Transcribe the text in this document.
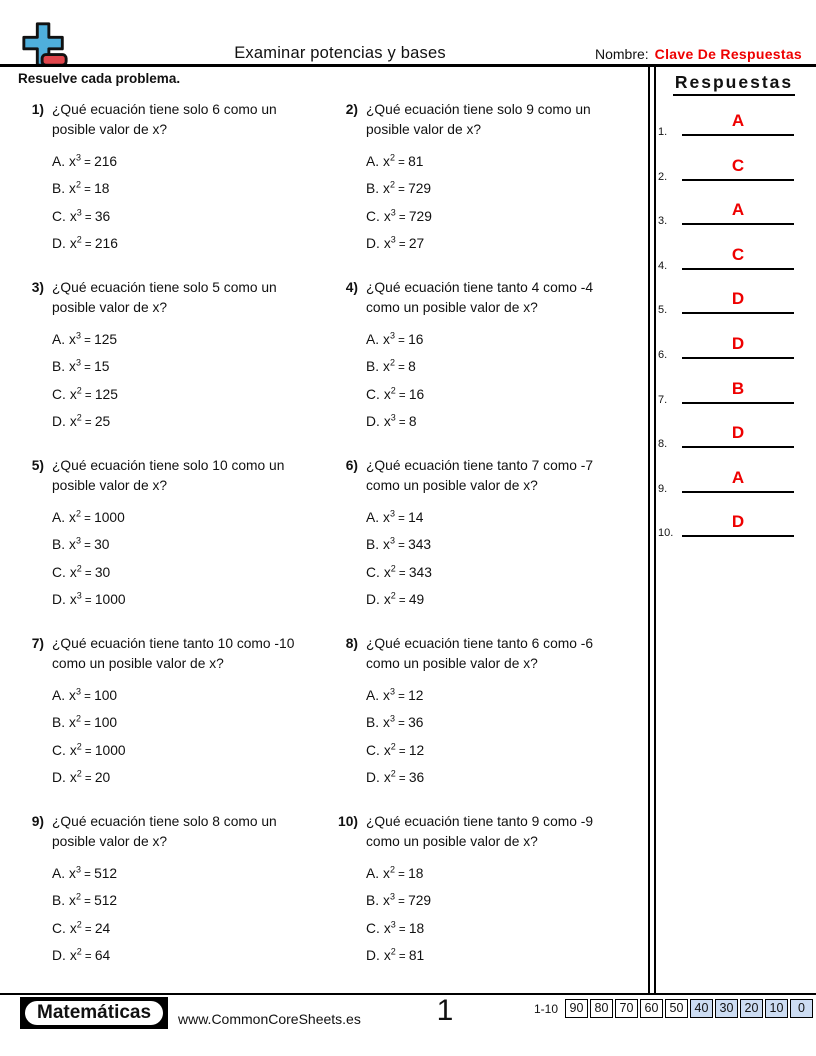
Examinar potencias y bases	Nombre: Clave De Respuestas
Resuelve cada problema.	Respuestas
1.
A
2.
C
3.
A
4.
C
5.
D
6.
D
7.
B
8.
D
9.
A
10.
D
1) ¿Qué ecuación tiene solo 6 como un
posible valor de x?
A. $x^3 = 216$
B. $x^2 = 18$
C. $x^3 = 36$
D. $x^2 = 216$
2) ¿Qué ecuación tiene solo 9 como un
posible valor de x?
A. $x^2 = 81$
B. $x^2 = 729$
C. $x^3 = 729$
D. $x^3 = 27$
3) ¿Qué ecuación tiene solo 5 como un
posible valor de x?
A. $x^3 = 125$
B. $x^3 = 15$
C. $x^2 = 125$
D. $x^2 = 25$
4) ¿Qué ecuación tiene tanto 4 como -4
como un posible valor de x?
A. $x^3 = 16$
B. $x^2 = 8$
C. $x^2 = 16$
D. $x^3 = 8$
5) ¿Qué ecuación tiene solo 10 como un
posible valor de x?
A. $x^2 = 1000$
B. $x^3 = 30$
C. $x^2 = 30$
D. $x^3 = 1000$
6) ¿Qué ecuación tiene tanto 7 como -7
como un posible valor de x?
A. $x^3 = 14$
B. $x^3 = 343$
C. $x^2 = 343$
D. $x^2 = 49$
7) ¿Qué ecuación tiene tanto 10 como -10
como un posible valor de x?
A. $x^3 = 100$
B. $x^2 = 100$
C. $x^2 = 1000$
D. $x^2 = 20$
8) ¿Qué ecuación tiene tanto 6 como -6
como un posible valor de x?
A. $x^3 = 12$
B. $x^3 = 36$
C. $x^2 = 12$
D. $x^2 = 36$
9) ¿Qué ecuación tiene solo 8 como un
posible valor de x?
A. $x^3 = 512$
B. $x^2 = 512$
C. $x^2 = 24$
D. $x^2 = 64$
10) ¿Qué ecuación tiene tanto 9 como -9
como un posible valor de x?
A. $x^2 = 18$
B. $x^3 = 729$
C. $x^3 = 18$
D. $x^2 = 81$
Matemáticas	www.CommonCoreSheets.es	1	1-10 90 80 70 60 50 40 30 20 10	0
